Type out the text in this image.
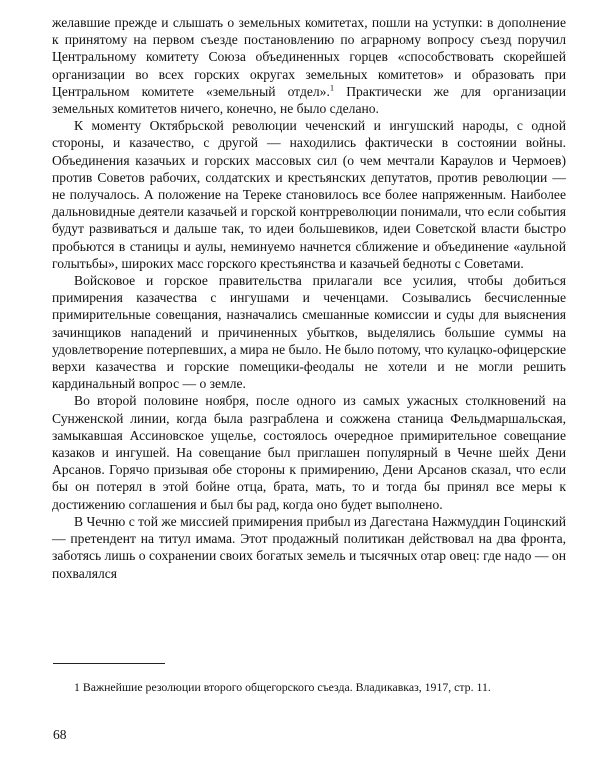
желавшие прежде и слышать о земельных комитетах, пошли на уступки: в дополнение к принятому на первом съезде постановлению по аграрному вопросу съезд поручил Центральному комитету Союза объединенных горцев «способствовать скорейшей организации во всех горских округах земельных комитетов» и образовать при Центральном комитете «земельный отдел».$^1$ Практически же для организации земельных комитетов ничего, конечно, не было сделано.

К моменту Октябрьской революции чеченский и ингушский народы, с одной стороны, и казачество, с другой — находились фактически в состоянии войны. Объединения казачьих и горских массовых сил (о чем мечтали Караулов и Чермоев) против Советов рабочих, солдатских и крестьянских депутатов, против революции — не получалось. А положение на Тереке становилось все более напряженным. Наиболее дальновидные деятели казачьей и горской контрреволюции понимали, что если события будут развиваться и дальше так, то идеи большевиков, идеи Советской власти быстро пробьются в станицы и аулы, неминуемо начнется сближение и объединение «аульной голытьбы», широких масс горского крестьянства и казачьей бедноты с Советами.

Войсковое и горское правительства прилагали все усилия, чтобы добиться примирения казачества с ингушами и чеченцами. Созывались бесчисленные примирительные совещания, назначались смешанные комиссии и суды для выяснения зачинщиков нападений и причиненных убытков, выделялись большие суммы на удовлетворение потерпевших, а мира не было. Не было потому, что кулацко-офицерские верхи казачества и горские помещики-феодалы не хотели и не могли решить кардинальный вопрос — о земле.

Во второй половине ноября, после одного из самых ужасных столкновений на Сунженской линии, когда была разграблена и сожжена станица Фельдмаршальская, замыкавшая Ассиновское ущелье, состоялось очередное примирительное совещание казаков и ингушей. На совещание был приглашен популярный в Чечне шейх Дени Арсанов. Горячо призывая обе стороны к примирению, Дени Арсанов сказал, что если бы он потерял в этой бойне отца, брата, мать, то и тогда бы принял все меры к достижению соглашения и был бы рад, когда оно будет выполнено.

В Чечню с той же миссией примирения прибыл из Дагестана Нажмуддин Гоцинский — претендент на титул имама. Этот продажный политикан действовал на два фронта, заботясь лишь о сохранении своих богатых земель и тысячных отар овец: где надо — он похвалялся

1 Важнейшие резолюции второго общегорского съезда. Владикавказ, 1917, стр. 11.

68
